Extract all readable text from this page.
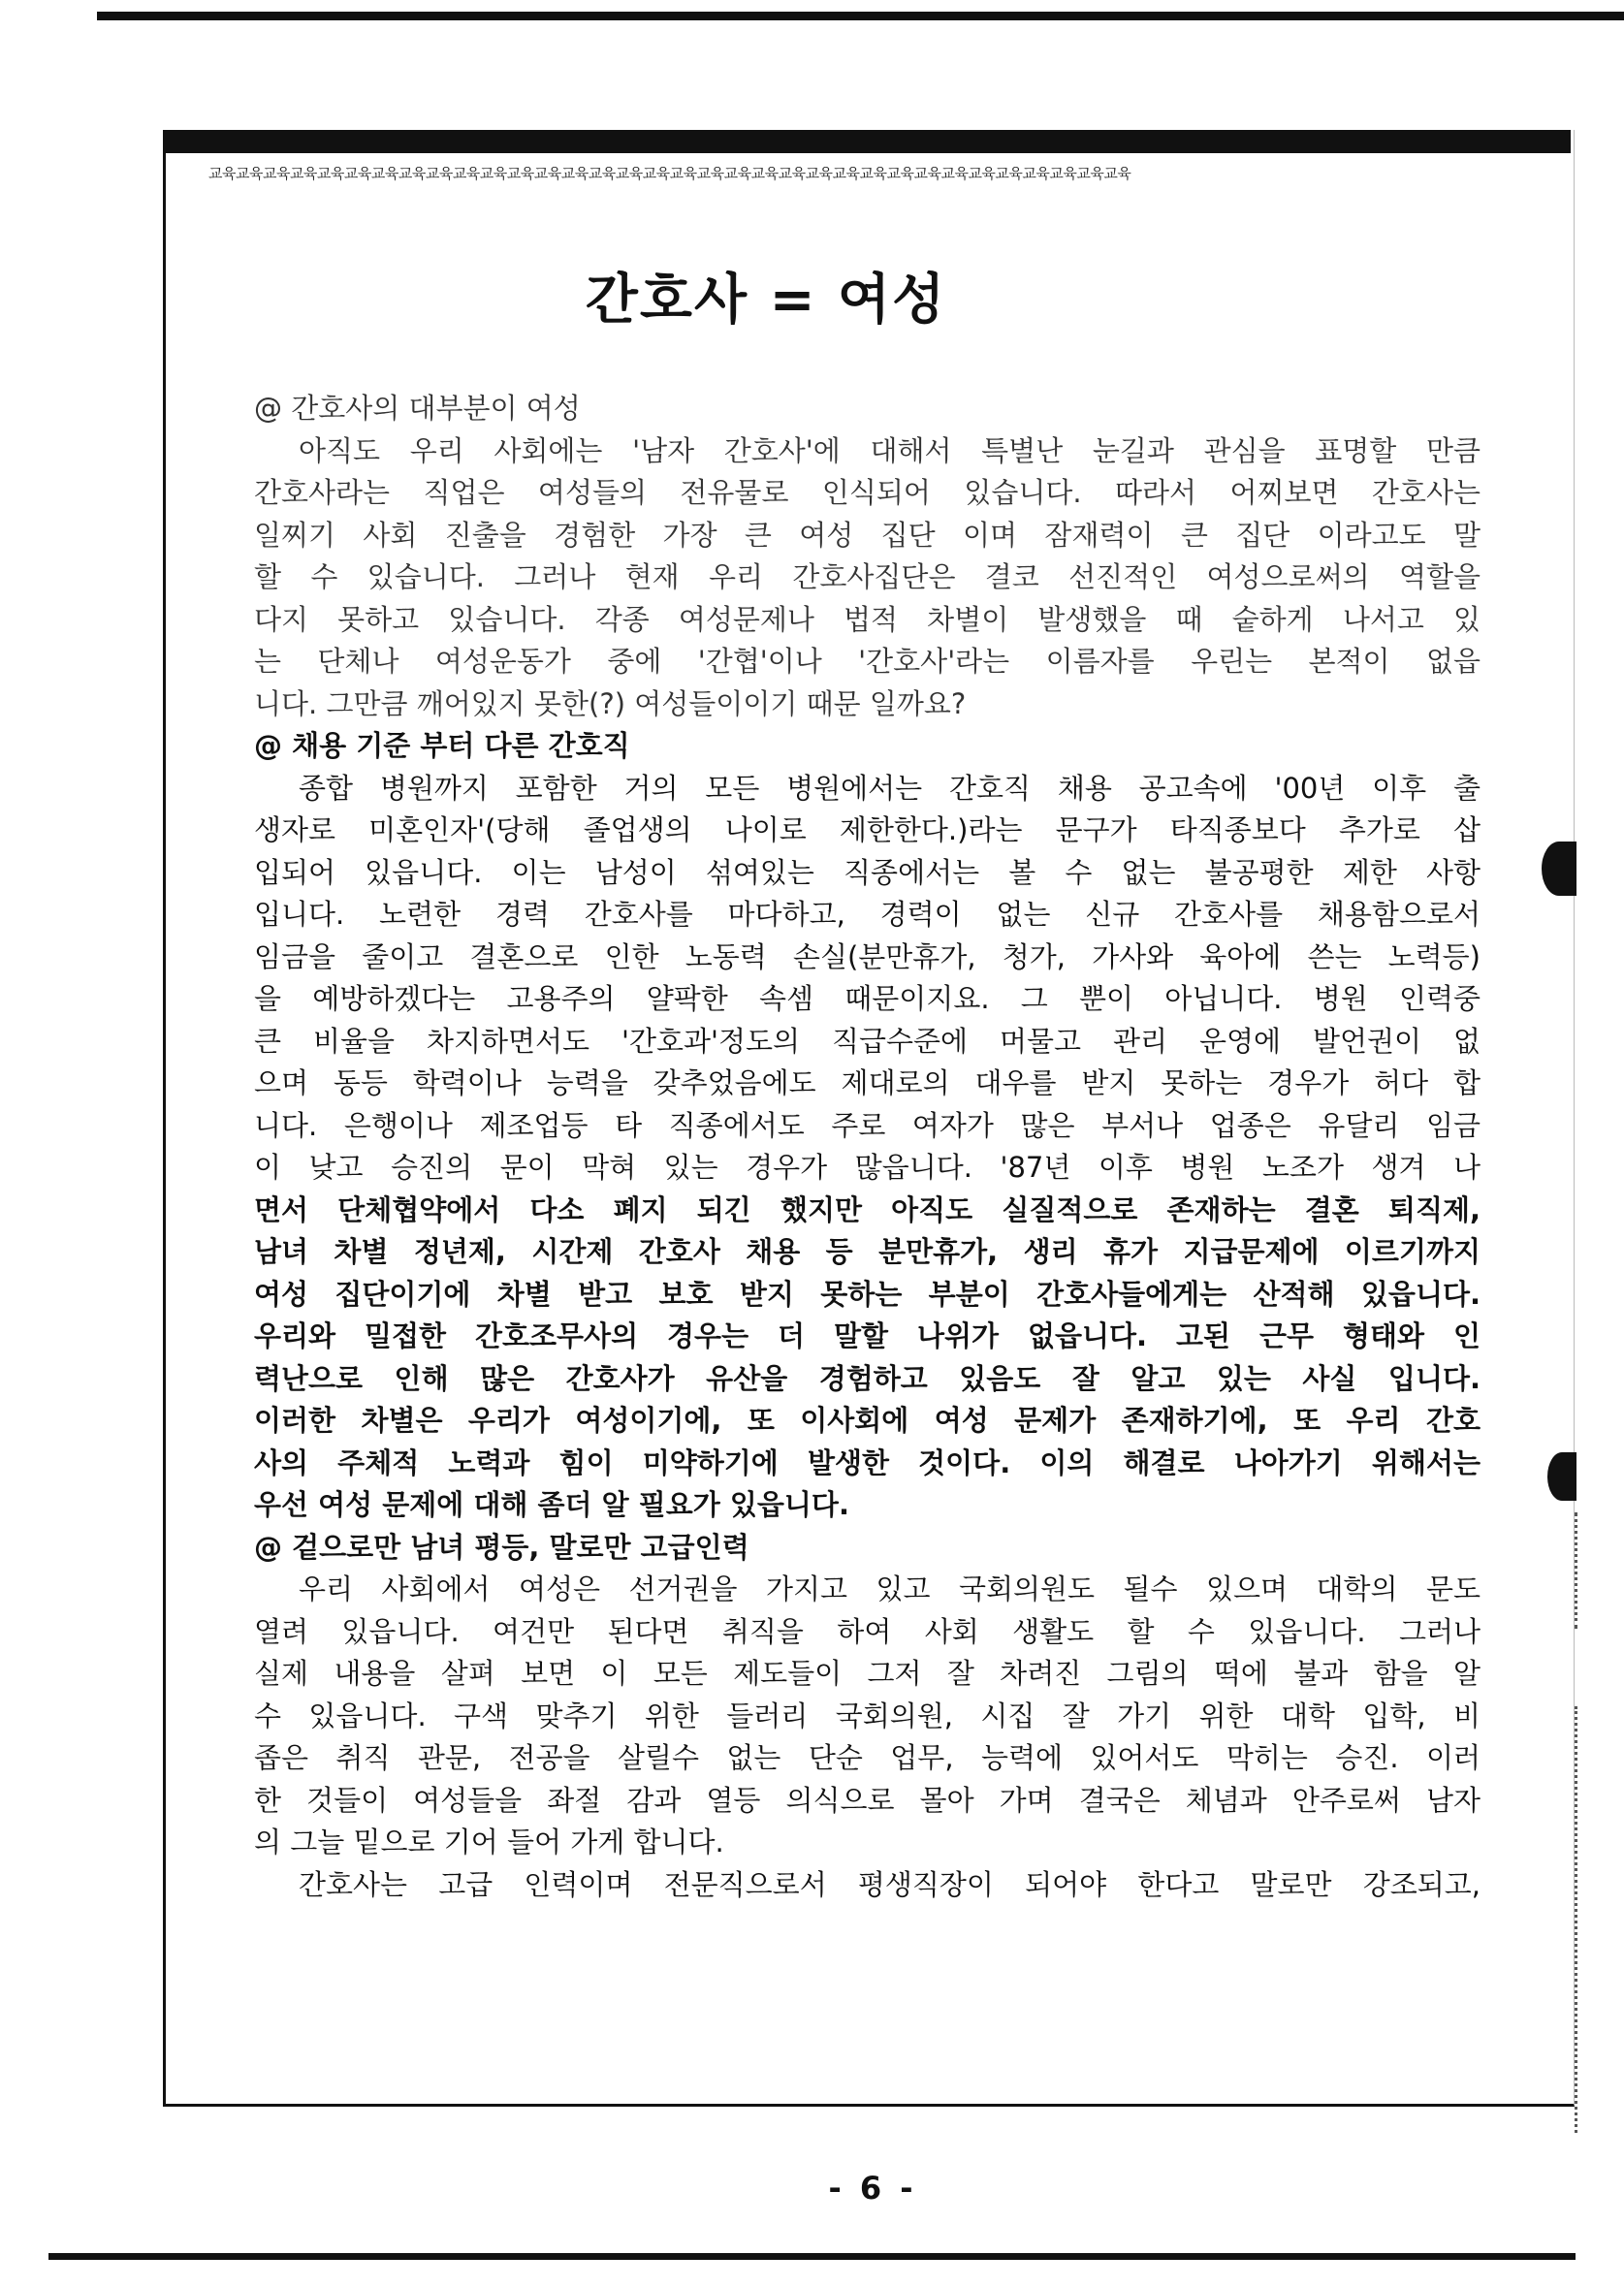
교육교육교육교육교육교육교육교육교육교육교육교육교육교육교육교육교육교육교육교육교육교육교육교육교육교육교육교육교육교육교육교육교육교육
간호사 = 여성
@ 간호사의 대부분이 여성
아직도 우리 사회에는 '남자 간호사'에 대해서 특별난 눈길과 관심을 표명할 만큼
간호사라는 직업은 여성들의 전유물로 인식되어 있습니다. 따라서 어찌보면 간호사는
일찌기 사회 진출을 경험한 가장 큰 여성 집단 이며 잠재력이 큰 집단 이라고도 말
할 수 있습니다. 그러나 현재 우리 간호사집단은 결코 선진적인 여성으로써의 역할을
다지 못하고 있습니다. 각종 여성문제나 법적 차별이 발생했을 때 숱하게 나서고 있
는 단체나 여성운동가 중에 '간협'이나 '간호사'라는 이름자를 우린는 본적이 없읍
니다. 그만큼 깨어있지 못한(?) 여성들이이기 때문 일까요?
@ 채용 기준 부터 다른 간호직
종합 병원까지 포함한 거의 모든 병원에서는 간호직 채용 공고속에 '00년 이후 출
생자로 미혼인자'(당해 졸업생의 나이로 제한한다.)라는 문구가 타직종보다 추가로 삽
입되어 있읍니다. 이는 남성이 섞여있는 직종에서는 볼 수 없는 불공평한 제한 사항
입니다. 노련한 경력 간호사를 마다하고, 경력이 없는 신규 간호사를 채용함으로서
임금을 줄이고 결혼으로 인한 노동력 손실(분만휴가, 청가, 가사와 육아에 쓴는 노력등)
을 예방하겠다는 고용주의 얄팍한 속셈 때문이지요. 그 뿐이 아닙니다. 병원 인력중
큰 비율을 차지하면서도 '간호과'정도의 직급수준에 머물고 관리 운영에 발언권이 없
으며 동등 학력이나 능력을 갖추었음에도 제대로의 대우를 받지 못하는 경우가 허다 합
니다. 은행이나 제조업등 타 직종에서도 주로 여자가 많은 부서나 업종은 유달리 임금
이 낮고 승진의 문이 막혀 있는 경우가 많읍니다. '87년 이후 병원 노조가 생겨 나
면서 단체협약에서 다소 폐지 되긴 했지만 아직도 실질적으로 존재하는 결혼 퇴직제,
남녀 차별 정년제, 시간제 간호사 채용 등 분만휴가, 생리 휴가 지급문제에 이르기까지
여성 집단이기에 차별 받고 보호 받지 못하는 부분이 간호사들에게는 산적해 있읍니다.
우리와 밀접한 간호조무사의 경우는 더 말할 나위가 없읍니다. 고된 근무 형태와 인
력난으로 인해 많은 간호사가 유산을 경험하고 있음도 잘 알고 있는 사실 입니다.
이러한 차별은 우리가 여성이기에, 또 이사회에 여성 문제가 존재하기에, 또 우리 간호
사의 주체적 노력과 힘이 미약하기에 발생한 것이다. 이의 해결로 나아가기 위해서는
우선 여성 문제에 대해 좀더 알 필요가 있읍니다.
@ 겉으로만 남녀 평등, 말로만 고급인력
우리 사회에서 여성은 선거권을 가지고 있고 국회의원도 될수 있으며 대학의 문도
열려 있읍니다. 여건만 된다면 취직을 하여 사회 생활도 할 수 있읍니다. 그러나
실제 내용을 살펴 보면 이 모든 제도들이 그저 잘 차려진 그림의 떡에 불과 함을 알
수 있읍니다. 구색 맞추기 위한 들러리 국회의원, 시집 잘 가기 위한 대학 입학, 비
좁은 취직 관문, 전공을 살릴수 없는 단순 업무, 능력에 있어서도 막히는 승진. 이러
한 것들이 여성들을 좌절 감과 열등 의식으로 몰아 가며 결국은 체념과 안주로써 남자
의 그늘 밑으로 기어 들어 가게 합니다.
간호사는 고급 인력이며 전문직으로서 평생직장이 되어야 한다고 말로만 강조되고,
- 6 -
